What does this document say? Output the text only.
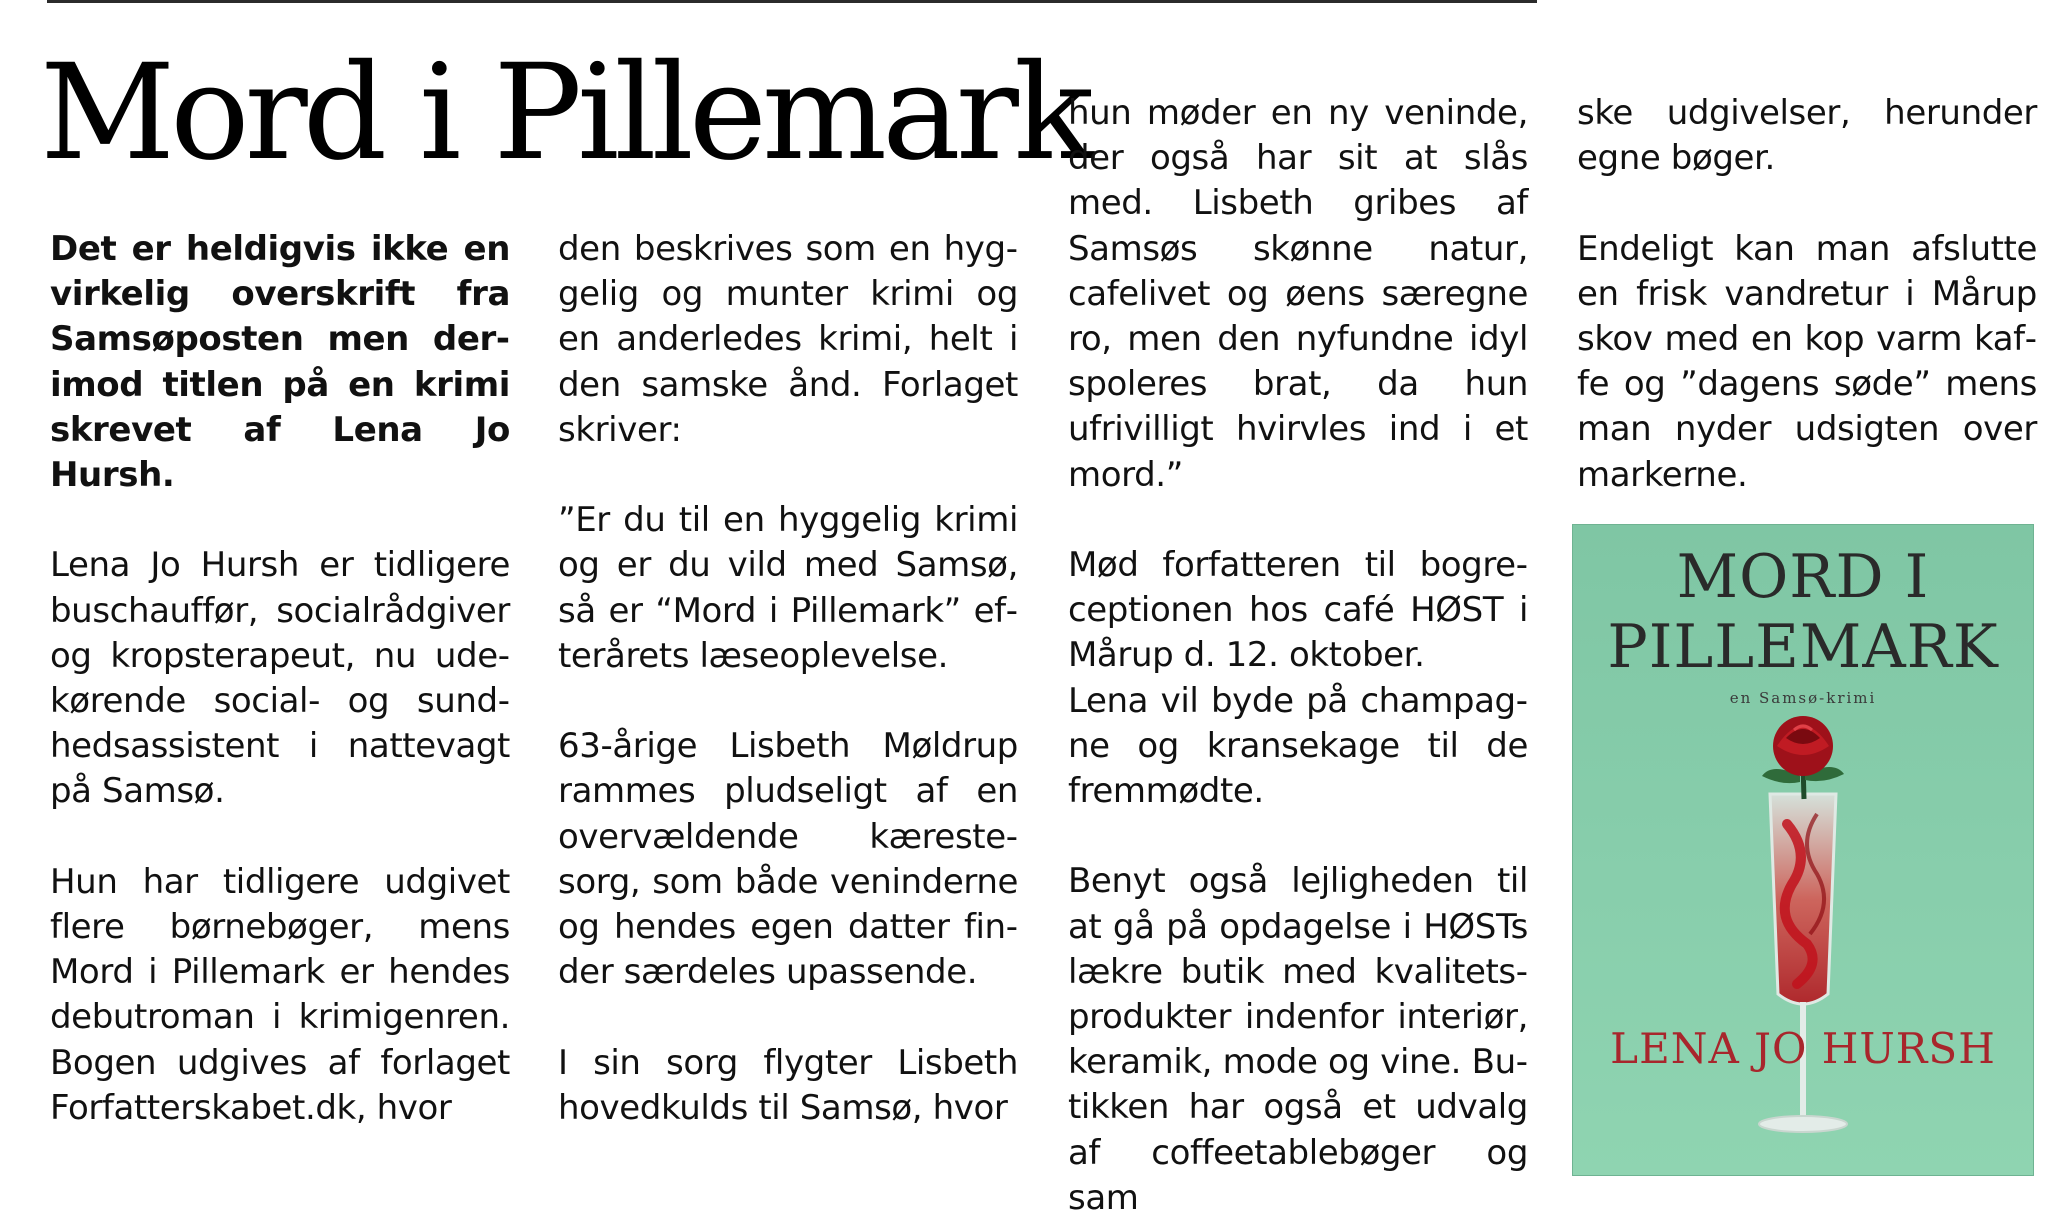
Mord i Pillemark

Det er heldigvis ikke en virkelig overskrift fra Samsøposten men derimod titlen på en krimi skrevet af Lena Jo Hursh.

Lena Jo Hursh er tidligere buschauffør, socialrådgiver og kropsterapeut, nu udekørende social- og sundhedsassistent i nattevagt på Samsø.

Hun har tidligere udgivet flere børnebøger, mens Mord i Pillemark er hendes debutroman i krimigenren. Bogen udgives af forlaget Forfatterskabet.dk, hvor

den beskrives som en hyggelig og munter krimi og en anderledes krimi, helt i den samske ånd. Forlaget skriver:

”Er du til en hyggelig krimi og er du vild med Samsø, så er “Mord i Pillemark” efterårets læseoplevelse.

63-årige Lisbeth Møldrup rammes pludseligt af en overvældende kærestesorg, som både veninderne og hendes egen datter finder særdeles upassende.

I sin sorg flygter Lisbeth hovedkulds til Samsø, hvor

hun møder en ny veninde, der også har sit at slås med. Lisbeth gribes af Samsøs skønne natur, cafelivet og øens særegne ro, men den nyfundne idyl spoleres brat, da hun ufrivilligt hvirvles ind i et mord.”

Mød forfatteren til bogreceptionen hos café HØST i Mårup d. 12. oktober.

Lena vil byde på champagne og kransekage til de fremmødte.

Benyt også lejligheden til at gå på opdagelse i HØSTs lækre butik med kvalitetsprodukter indenfor interiør, keramik, mode og vine. Butikken har også et udvalg af coffeetablebøger og sam

ske udgivelser, herunder egne bøger.

Endeligt kan man afslutte en frisk vandretur i Mårup skov med en kop varm kaffe og ”dagens søde” mens man nyder udsigten over markerne.

MORD I
PILLEMARK
en Samsø-krimi
LENA JO HURSH
